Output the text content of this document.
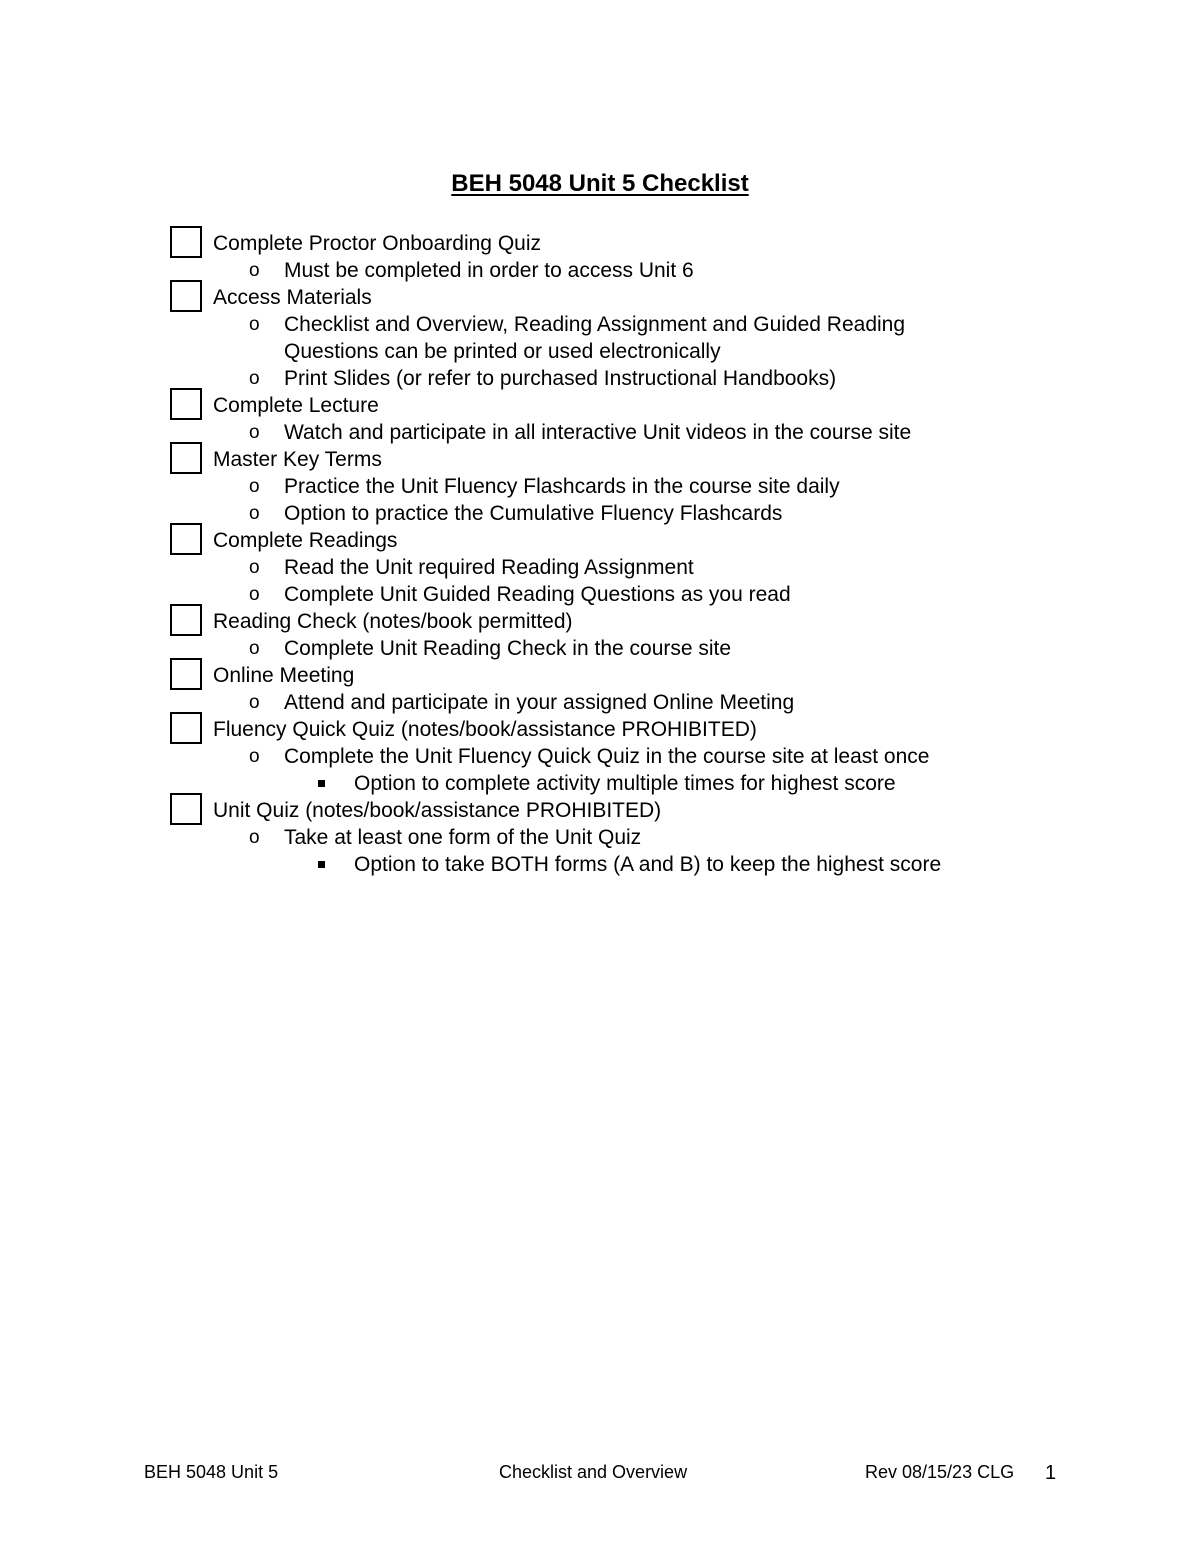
BEH 5048 Unit 5 Checklist
Complete Proctor Onboarding Quiz
o Must be completed in order to access Unit 6
Access Materials
o Checklist and Overview, Reading Assignment and Guided Reading Questions can be printed or used electronically
o Print Slides (or refer to purchased Instructional Handbooks)
Complete Lecture
o Watch and participate in all interactive Unit videos in the course site
Master Key Terms
o Practice the Unit Fluency Flashcards in the course site daily
o Option to practice the Cumulative Fluency Flashcards
Complete Readings
o Read the Unit required Reading Assignment
o Complete Unit Guided Reading Questions as you read
Reading Check (notes/book permitted)
o Complete Unit Reading Check in the course site
Online Meeting
o Attend and participate in your assigned Online Meeting
Fluency Quick Quiz (notes/book/assistance PROHIBITED)
o Complete the Unit Fluency Quick Quiz in the course site at least once
Option to complete activity multiple times for highest score
Unit Quiz (notes/book/assistance PROHIBITED)
o Take at least one form of the Unit Quiz
Option to take BOTH forms (A and B) to keep the highest score
BEH 5048 Unit 5	Checklist and Overview	Rev 08/15/23 CLG 1
